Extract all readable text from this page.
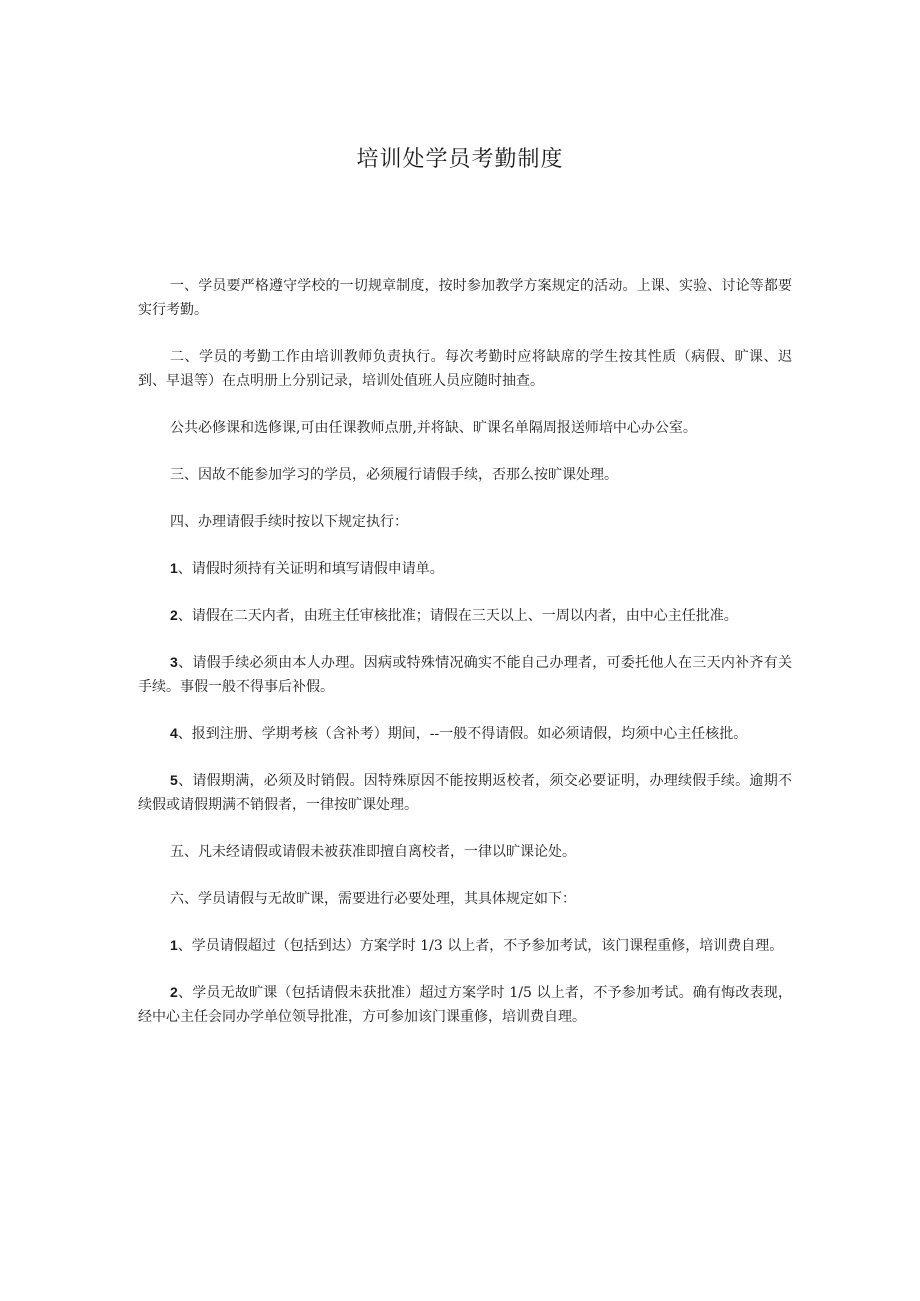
培训处学员考勤制度

一、学员要严格遵守学校的一切规章制度，按时参加教学方案规定的活动。上课、实验、讨论等都要实行考勤。

二、学员的考勤工作由培训教师负责执行。每次考勤时应将缺席的学生按其性质（病假、旷课、迟到、早退等）在点明册上分别记录，培训处值班人员应随时抽查。

公共必修课和选修课,可由任课教师点册,并将缺、旷课名单隔周报送师培中心办公室。

三、因故不能参加学习的学员，必须履行请假手续，否那么按旷课处理。

四、办理请假手续时按以下规定执行：

1、请假时须持有关证明和填写请假申请单。

2、请假在二天内者，由班主任审核批准；请假在三天以上、一周以内者，由中心主任批准。

3、请假手续必须由本人办理。因病或特殊情况确实不能自己办理者，可委托他人在三天内补齐有关手续。事假一般不得事后补假。

4、报到注册、学期考核（含补考）期间，--一般不得请假。如必须请假，均须中心主任核批。

5、请假期满，必须及时销假。因特殊原因不能按期返校者，须交必要证明，办理续假手续。逾期不续假或请假期满不销假者，一律按旷课处理。

五、凡未经请假或请假未被获准即擅自离校者，一律以旷课论处。

六、学员请假与无故旷课，需要进行必要处理，其具体规定如下：

1、学员请假超过（包括到达）方案学时 1/3 以上者，不予参加考试，该门课程重修，培训费自理。

2、学员无故旷课（包括请假未获批准）超过方案学时 1/5 以上者，不予参加考试。确有悔改表现，经中心主任会同办学单位领导批准，方可参加该门课重修，培训费自理。
